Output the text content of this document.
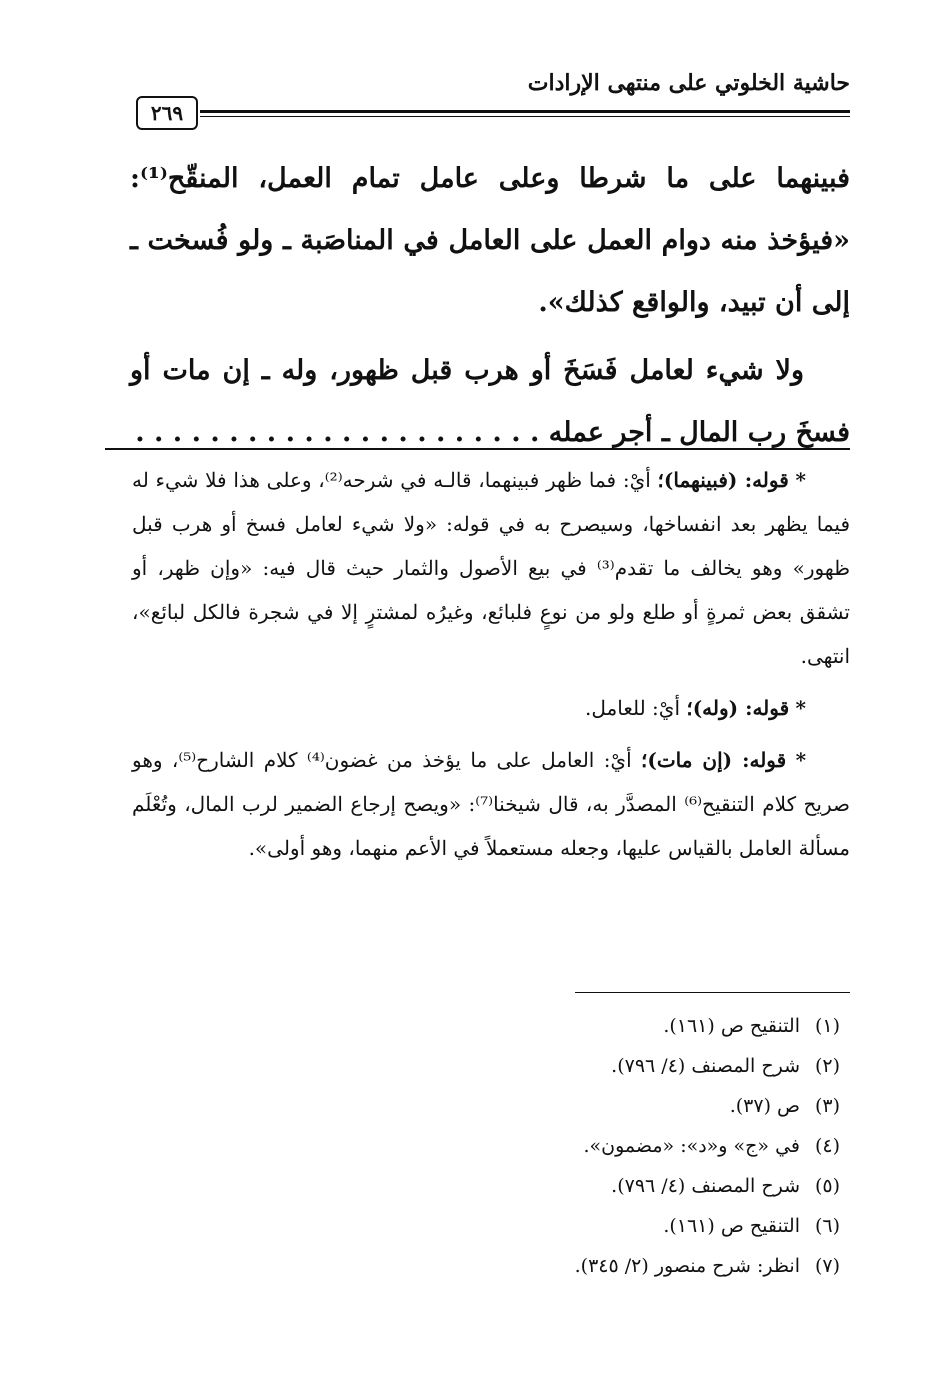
حاشية الخلوتي على منتهى الإرادات
٢٦٩

فبينهما على ما شرطا وعلى عامل تمام العمل، المنقّح⁽¹⁾: «فيؤخذ منه دوام العمل على العامل في المناصَبة ـ ولو فُسخت ـ إلى أن تبيد، والواقع كذلك».

ولا شيء لعامل فَسَخَ أو هرب قبل ظهور، وله ـ إن مات أو فسخَ رب المال ـ أجر عمله . . . . . . . . . . . . . . . . . . . . . .

* قوله: (فبينهما)؛ أيْ: فما ظهر فبينهما، قالـه في شرحه⁽²⁾، وعلى هذا فلا شيء له فيما يظهر بعد انفساخها، وسيصرح به في قوله: «ولا شيء لعامل فسخ أو هرب قبل ظهور» وهو يخالف ما تقدم⁽³⁾ في بيع الأصول والثمار حيث قال فيه: «وإن ظهر، أو تشقق بعض ثمرةٍ أو طلع ولو من نوعٍ فلبائع، وغيرُه لمشترٍ إلا في شجرة فالكل لبائع»، انتهى.

* قوله: (وله)؛ أيْ: للعامل.

* قوله: (إن مات)؛ أيْ: العامل على ما يؤخذ من غضون⁽⁴⁾ كلام الشارح⁽⁵⁾، وهو صريح كلام التنقيح⁽⁶⁾ المصدَّر به، قال شيخنا⁽⁷⁾: «ويصح إرجاع الضمير لرب المال، وتُعْلَم مسألة العامل بالقياس عليها، وجعله مستعملاً في الأعم منهما، وهو أولى».

(١)التنقيح ص (١٦١).
(٢)شرح المصنف (٤/ ٧٩٦).
(٣)ص (٣٧).
(٤)في «ج» و«د»: «مضمون».
(٥)شرح المصنف (٤/ ٧٩٦).
(٦)التنقيح ص (١٦١).
(٧)انظر: شرح منصور (٢/ ٣٤٥).
